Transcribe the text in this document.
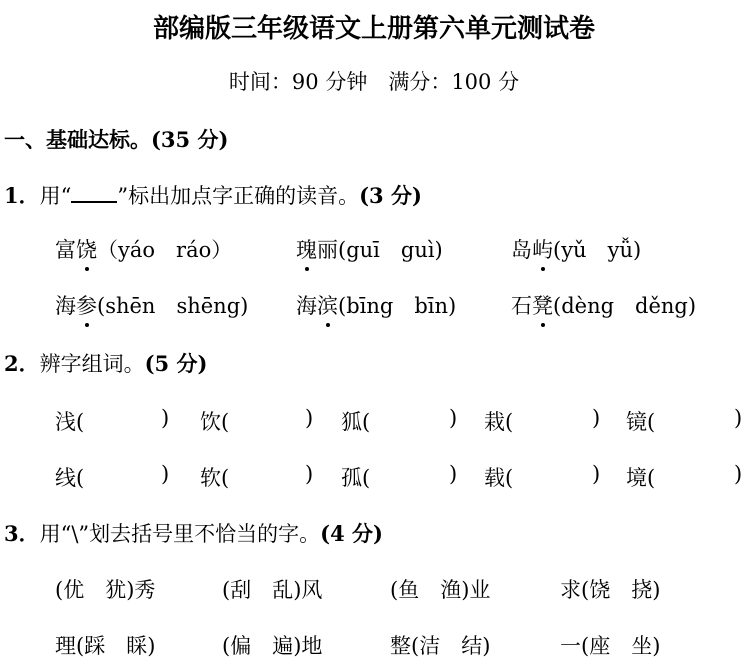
部编版三年级语文上册第六单元测试卷
时间：90 分钟　满分：100 分
一、基础达标。(35 分)
1．用“ ”标出加点字正确的读音。(3 分)
富饶（yáo　ráo）	瑰丽(guī　guì)	岛屿(yǔ　yǚ)
海参(shēn　shēng) 海滨(bīng　bīn)	石凳(dèng　děng)
2．辨字组词。(5 分)
浅(	) 饮(	) 狐(	) 栽(	) 镜(	)
线(	) 软(	) 孤(	) 载(	) 境(	)
3．用“\”划去括号里不恰当的字。(4 分)
(优　犹)秀	(刮　乱)风	(鱼　渔)业	求(饶　挠)
理(踩　睬)	(偏　遍)地	整(洁　结)	一(座　坐)
